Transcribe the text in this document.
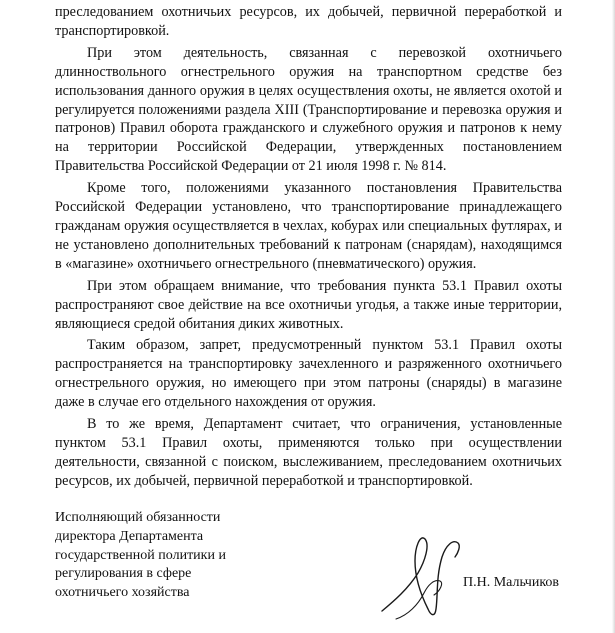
преследованием охотничьих ресурсов, их добычей, первичной переработкой и транспортировкой.

При этом деятельность, связанная с перевозкой охотничьего длинноствольного огнестрельного оружия на транспортном средстве без использования данного оружия в целях осуществления охоты, не является охотой и регулируется положениями раздела XIII (Транспортирование и перевозка оружия и патронов) Правил оборота гражданского и служебного оружия и патронов к нему на территории Российской Федерации, утвержденных постановлением Правительства Российской Федерации от 21 июля 1998 г. № 814.

Кроме того, положениями указанного постановления Правительства Российской Федерации установлено, что транспортирование принадлежащего гражданам оружия осуществляется в чехлах, кобурах или специальных футлярах, и не установлено дополнительных требований к патронам (снарядам), находящимся в «магазине» охотничьего огнестрельного (пневматического) оружия.

При этом обращаем внимание, что требования пункта 53.1 Правил охоты распространяют свое действие на все охотничьи угодья, а также иные территории, являющиеся средой обитания диких животных.

Таким образом, запрет, предусмотренный пунктом 53.1 Правил охоты распространяется на транспортировку зачехленного и разряженного охотничьего огнестрельного оружия, но имеющего при этом патроны (снаряды) в магазине даже в случае его отдельного нахождения от оружия.

В то же время, Департамент считает, что ограничения, установленные пунктом 53.1 Правил охоты, применяются только при осуществлении деятельности, связанной с поиском, выслеживанием, преследованием охотничьих ресурсов, их добычей, первичной переработкой и транспортировкой.

Исполняющий обязанности
директора Департамента
государственной политики и
регулирования в сфере
охотничьего хозяйства
П.Н. Мальчиков
